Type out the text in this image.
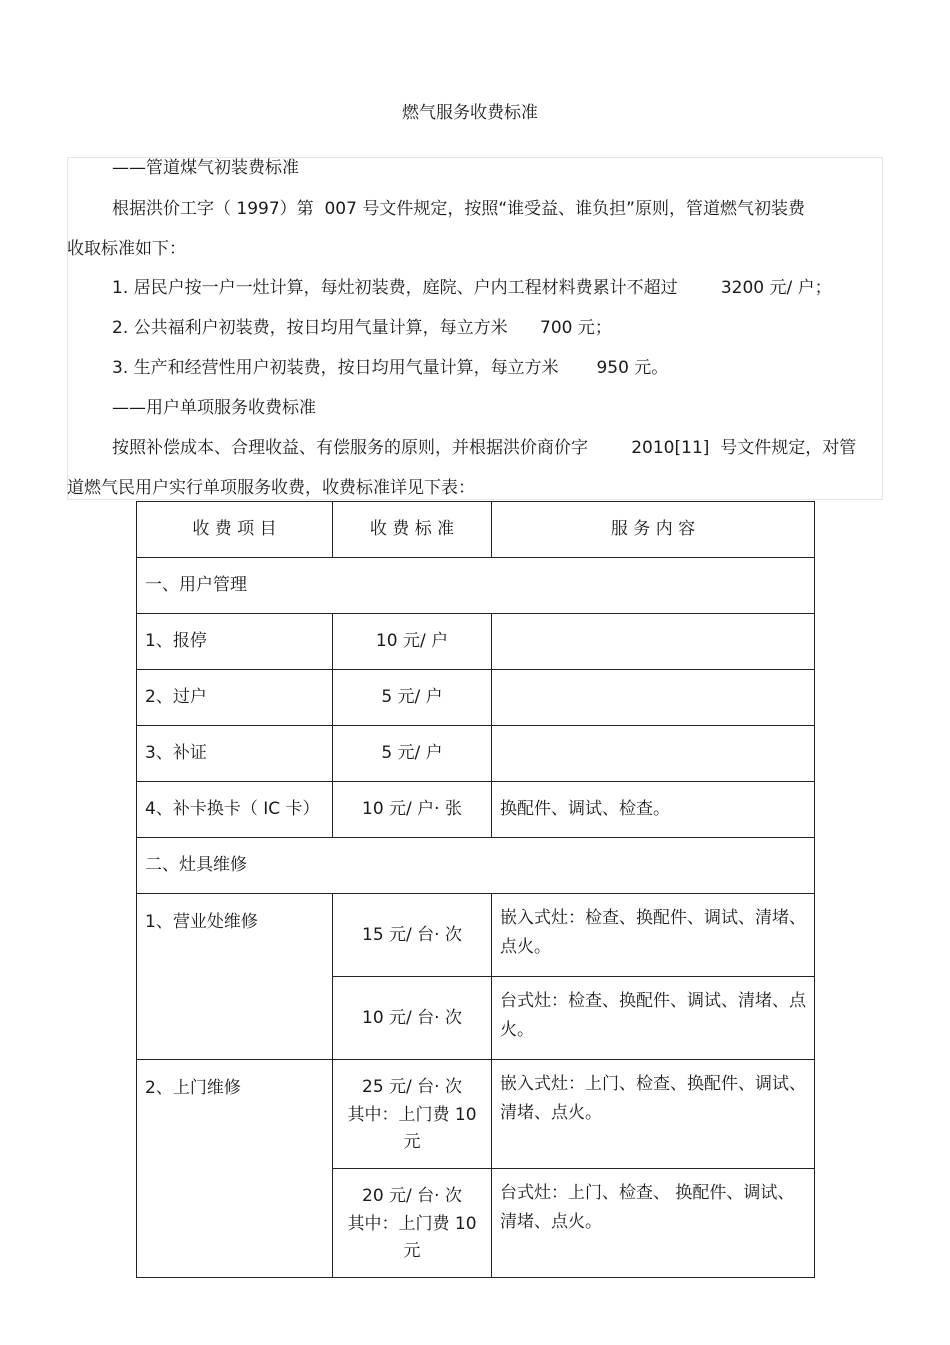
燃气服务收费标准
——管道煤气初装费标准
根据洪价工字（ 1997）第  007 号文件规定，按照“谁受益、谁负担”原则，管道燃气初装费
收取标准如下：
1. 居民户按一户一灶计算，每灶初装费，庭院、户内工程材料费累计不超过        3200 元/ 户；
2. 公共福利户初装费，按日均用气量计算，每立方米      700 元；
3. 生产和经营性用户初装费，按日均用气量计算，每立方米       950 元。
——用户单项服务收费标准
按照补偿成本、合理收益、有偿服务的原则，并根据洪价商价字        2010[11]  号文件规定，对管
道燃气民用户实行单项服务收费，收费标准详见下表：
收 费 项 目	收 费 标 准	服 务 内 容
一、用户管理		
1、报停	10 元/ 户	
2、过户	5 元/ 户	
3、补证	5 元/ 户	
4、补卡换卡（ IC 卡）	10 元/ 户· 张	换配件、调试、检查。
二、灶具维修		
1、营业处维修	15 元/ 台· 次	嵌入式灶：检查、换配件、调试、清堵、点火。
	10 元/ 台· 次	台式灶：检查、换配件、调试、清堵、点火。
2、上门维修	25 元/ 台· 次
其中：上门费 10 元	嵌入式灶：上门、检查、换配件、调试、清堵、点火。

	20 元/ 台· 次
其中：上门费 10 元	台式灶：上门、检查、 换配件、调试、清堵、点火。
